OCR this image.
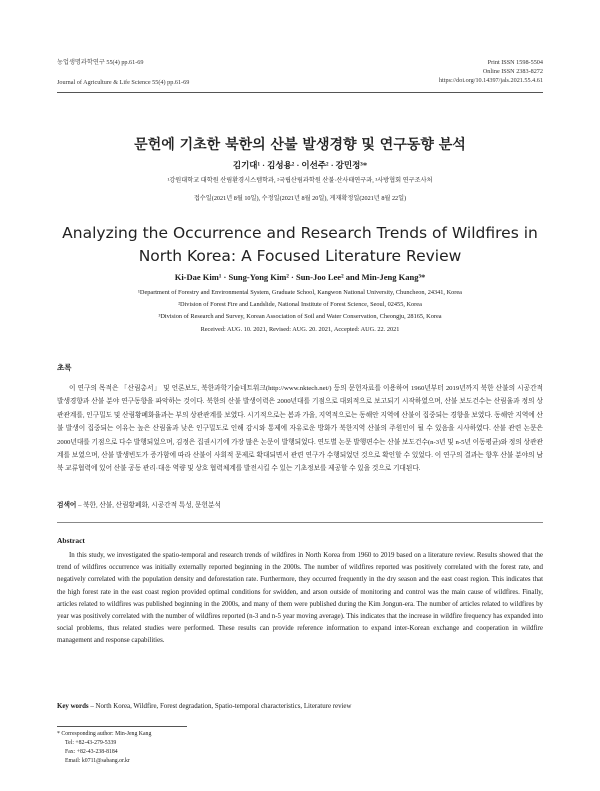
농업생명과학연구 55(4) pp.61-69
Journal of Agriculture & Life Science 55(4) pp.61-69
Print ISSN 1598-5504
Online ISSN 2383-8272
https://doi.org/10.14397/jals.2021.55.4.61
문헌에 기초한 북한의 산불 발생경향 및 연구동향 분석
김기대¹ · 김성용² · 이선주² · 강민정³*
¹강원대학교 대학원 산림환경시스템학과, ²국립산림과학원 산불·산사태연구과, ³사방협회 연구조사처
접수일(2021년 8월 10일), 수정일(2021년 8월 20일), 게재확정일(2021년 8월 22일)
Analyzing the Occurrence and Research Trends of Wildfires in North Korea: A Focused Literature Review
Ki-Dae Kim¹ · Sung-Yong Kim² · Sun-Joo Lee² and Min-Jeng Kang³*
¹Department of Forestry and Environmental System, Graduate School, Kangwon National University, Chuncheon, 24341, Korea
²Division of Forest Fire and Landslide, National Institute of Forest Science, Seoul, 02455, Korea
³Division of Research and Survey, Korean Association of Soil and Water Conservation, Cheongju, 28165, Korea
Received: AUG. 10. 2021, Revised: AUG. 20. 2021, Accepted: AUG. 22. 2021
초록
이 연구의 목적은 「산림총서」 및 언론보도, 북한과학기술네트워크(http://www.nktech.net/) 등의 문헌자료를 이용하여 1960년부터 2019년까지 북한 산불의 시공간적 발생경향과 산불 분야 연구동향을 파악하는 것이다. 북한의 산불 발생이력은 2000년대를 기점으로 대외적으로 보고되기 시작하였으며, 산불 보도건수는 산림율과 정의 상관관계를, 인구밀도 및 산림황폐화율과는 부의 상관관계를 보였다. 시기적으로는 봄과 가을, 지역적으로는 동해안 지역에 산불이 집중되는 경향을 보였다. 동해안 지역에 산불 발생이 집중되는 이유는 높은 산림율과 낮은 인구밀도로 인해 감시와 통제에 자유로운 방화가 북한지역 산불의 주원인이 될 수 있음을 시사하였다. 산불 관련 논문은 2000년대를 기점으로 다수 발행되었으며, 김정은 집권시기에 가장 많은 논문이 발행되었다. 연도별 논문 발행편수는 산불 보도건수(n-3년 및 n-5년 이동평균)와 정의 상관관계를 보였으며, 산불 발생빈도가 증가함에 따라 산불이 사회적 문제로 확대되면서 관련 연구가 수행되었던 것으로 확인할 수 있었다. 이 연구의 결과는 향후 산불 분야의 남북 교류협력에 있어 산불 공동 관리·대응 역량 및 상호 협력체계를 발전시킬 수 있는 기초정보를 제공할 수 있을 것으로 기대된다.
검색어 – 북한, 산불, 산림황폐화, 시공간적 특성, 문헌분석
Abstract
In this study, we investigated the spatio-temporal and research trends of wildfires in North Korea from 1960 to 2019 based on a literature review. Results showed that the trend of wildfires occurrence was initially externally reported beginning in the 2000s. The number of wildfires reported was positively correlated with the forest rate, and negatively correlated with the population density and deforestation rate. Furthermore, they occurred frequently in the dry season and the east coast region. This indicates that the high forest rate in the east coast region provided optimal conditions for swidden, and arson outside of monitoring and control was the main cause of wildfires. Finally, articles related to wildfires was published beginning in the 2000s, and many of them were published during the Kim Jongun-era. The number of articles related to wildfires by year was positively correlated with the number of wildfires reported (n-3 and n-5 year moving average). This indicates that the increase in wildfire frequency has expanded into social problems, thus related studies were performed. These results can provide reference information to expand inter-Korean exchange and cooperation in wildfire management and response capabilities.
Key words – North Korea, Wildfire, Forest degradation, Spatio-temporal characteristics, Literature review
* Corresponding author: Min-Jeng Kang
Tel: +82-43-279-5339
Fax: +82-43-238-8184
Email: k0711@sabang.or.kr
